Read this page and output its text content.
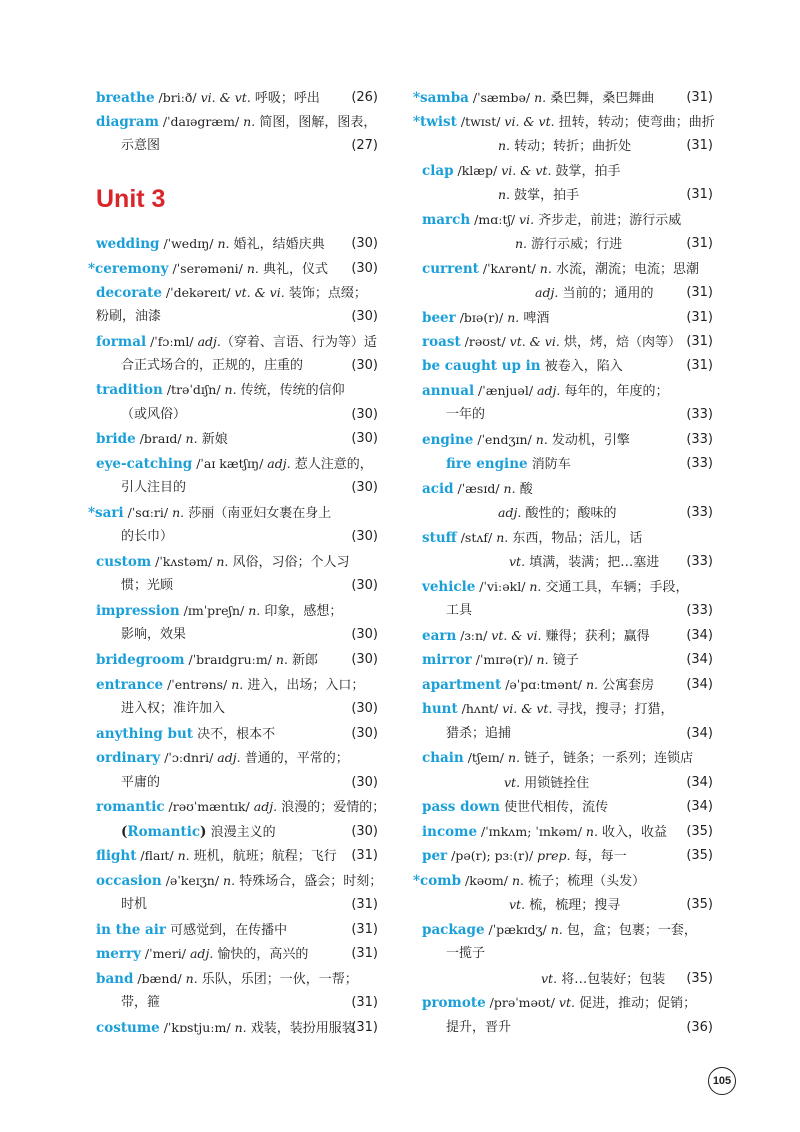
Unit 3
breathe /briːð/ vi. & vt. 呼吸；呼出 (26)
diagram /ˈdaɪəgræm/ n. 简图，图解，图表，
示意图	(27)
wedding /ˈwedɪŋ/ n. 婚礼，结婚庆典 (30)
*ceremony /ˈserəməni/ n. 典礼，仪式 (30)
decorate /ˈdekəreɪt/ vt. & vi. 装饰；点缀；
粉刷，油漆	(30)
formal /ˈfɔːml/ adj.（穿着、言语、行为等）适
合正式场合的，正规的，庄重的	(30)
tradition /trəˈdɪʃn/ n. 传统，传统的信仰
（或风俗）	(30)
bride /braɪd/ n. 新娘	(30)
eye-catching /ˈaɪ kætʃɪŋ/ adj. 惹人注意的，
引人注目的	(30)
*sari /ˈsɑːri/ n. 莎丽（南亚妇女裹在身上
的长巾）	(30)
custom /ˈkʌstəm/ n. 风俗，习俗；个人习
惯；光顾	(30)
impression /ɪmˈpreʃn/ n. 印象，感想；
影响，效果	(30)
bridegroom /ˈbraɪdgruːm/ n. 新郎	(30)
entrance /ˈentrəns/ n. 进入，出场；入口；
进入权；准许加入	(30)
anything but 决不，根本不	(30)
ordinary /ˈɔːdnri/ adj. 普通的，平常的；
平庸的	(30)
romantic /rəʊˈmæntɪk/ adj. 浪漫的；爱情的；
(Romantic) 浪漫主义的	(30)
flight /flaɪt/ n. 班机，航班；航程；飞行 (31)
occasion /əˈkeɪʒn/ n. 特殊场合，盛会；时刻；
时机	(31)
in the air 可感觉到，在传播中	(31)
merry /ˈmeri/ adj. 愉快的，高兴的	(31)
band /bænd/ n. 乐队，乐团；一伙，一帮；
带，箍	(31)
costume /ˈkɒstjuːm/ n. 戏装，装扮用服装
(31)
*samba /ˈsæmbə/ n. 桑巴舞，桑巴舞曲 (31)
*twist /twɪst/ vi. & vt. 扭转，转动；使弯曲；曲折
n. 转动；转折；曲折处	(31)
clap /klæp/ vi. & vt. 鼓掌，拍手
n. 鼓掌，拍手	(31)
march /mɑːtʃ/ vi. 齐步走，前进；游行示威
n. 游行示威；行进	(31)
current /ˈkʌrənt/ n. 水流，潮流；电流；思潮
adj. 当前的；通用的	(31)
beer /bɪə(r)/ n. 啤酒	(31)
roast /rəʊst/ vt. & vi. 烘，烤，焙（肉等） (31)
be caught up in 被卷入，陷入	(31)
annual /ˈænjuəl/ adj. 每年的，年度的；
一年的	(33)
engine /ˈendʒɪn/ n. 发动机，引擎	(33)
fire engine 消防车	(33)
acid /ˈæsɪd/ n. 酸
adj. 酸性的；酸味的	(33)
stuff /stʌf/ n. 东西，物品；活儿，话
vt. 填满，装满；把…塞进 (33)
vehicle /ˈviːəkl/ n. 交通工具，车辆；手段，
工具	(33)
earn /ɜːn/ vt. & vi. 赚得；获利；赢得	(34)
mirror /ˈmɪrə(r)/ n. 镜子	(34)
apartment /əˈpɑːtmənt/ n. 公寓套房 (34)
hunt /hʌnt/ vi. & vt. 寻找，搜寻；打猎，
猎杀；追捕	(34)
chain /tʃeɪn/ n. 链子，链条；一系列；连锁店
vt. 用锁链拴住	(34)
pass down 使世代相传，流传	(34)
income /ˈɪnkʌm; ˈɪnkəm/ n. 收入，收益 (35)
per /pə(r); pɜː(r)/ prep. 每，每一	(35)
*comb /kəʊm/ n. 梳子；梳理（头发）
vt. 梳，梳理；搜寻	(35)
package /ˈpækɪdʒ/ n. 包，盒；包裹；一套，
一揽子
vt. 将…包装好；包装 (35)
promote /prəˈməʊt/ vt. 促进，推动；促销；
提升，晋升	(36)
105
